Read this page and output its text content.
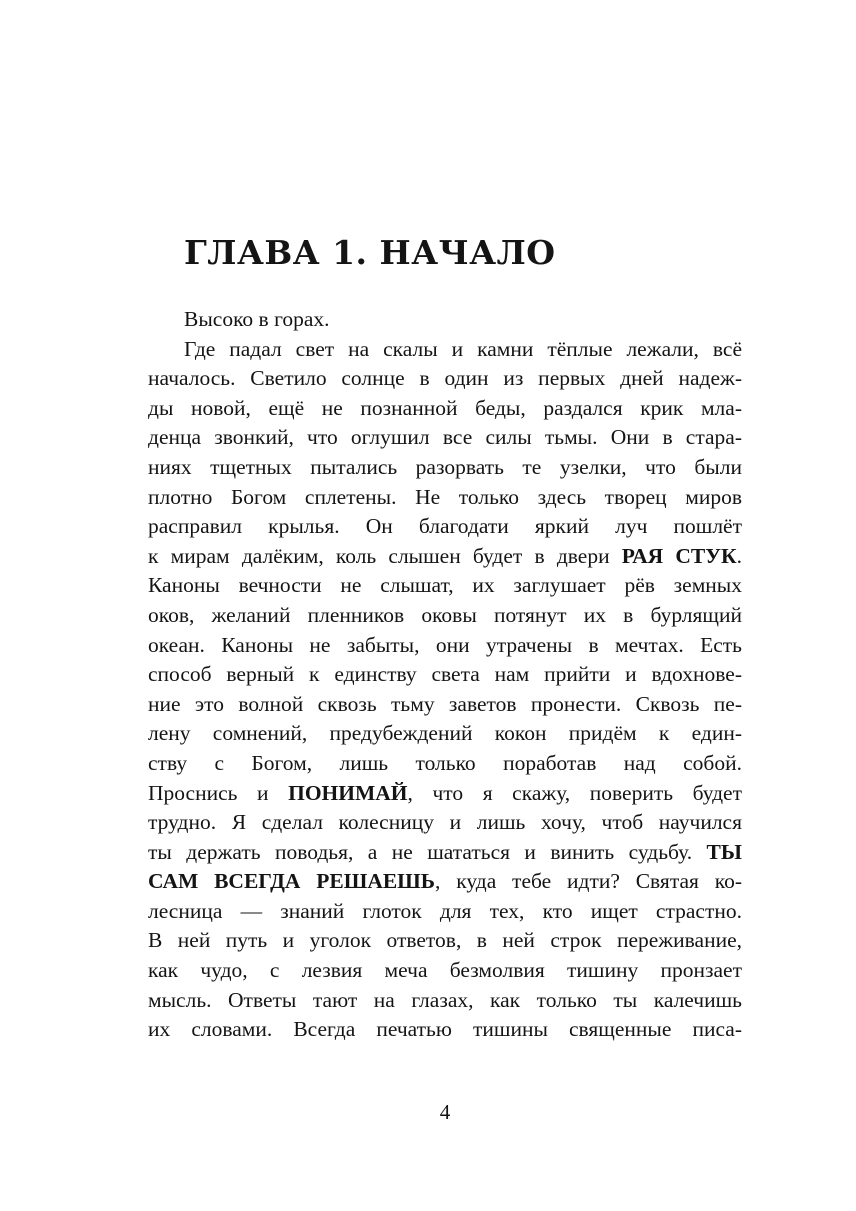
ГЛАВА 1. НАЧАЛО
Высоко в горах.
Где падал свет на скалы и камни тёплые лежали, всё
началось. Светило солнце в один из первых дней надеж-
ды новой, ещё не познанной беды, раздался крик мла-
денца звонкий, что оглушил все силы тьмы. Они в стара-
ниях тщетных пытались разорвать те узелки, что были
плотно Богом сплетены. Не только здесь творец миров
расправил крылья. Он благодати яркий луч пошлёт
к мирам далёким, коль слышен будет в двери РАЯ СТУК.
Каноны вечности не слышат, их заглушает рёв земных
оков, желаний пленников оковы потянут их в бурлящий
океан. Каноны не забыты, они утрачены в мечтах. Есть
способ верный к единству света нам прийти и вдохнове-
ние это волной сквозь тьму заветов пронести. Сквозь пе-
лену сомнений, предубеждений кокон придём к един-
ству с Богом, лишь только поработав над собой.
Проснись и ПОНИМАЙ, что я скажу, поверить будет
трудно. Я сделал колесницу и лишь хочу, чтоб научился
ты держать поводья, а не шататься и винить судьбу. ТЫ
САМ ВСЕГДА РЕШАЕШЬ, куда тебе идти? Святая ко-
лесница — знаний глоток для тех, кто ищет страстно.
В ней путь и уголок ответов, в ней строк переживание,
как чудо, с лезвия меча безмолвия тишину пронзает
мысль. Ответы тают на глазах, как только ты калечишь
их словами. Всегда печатью тишины священные писа-
4
